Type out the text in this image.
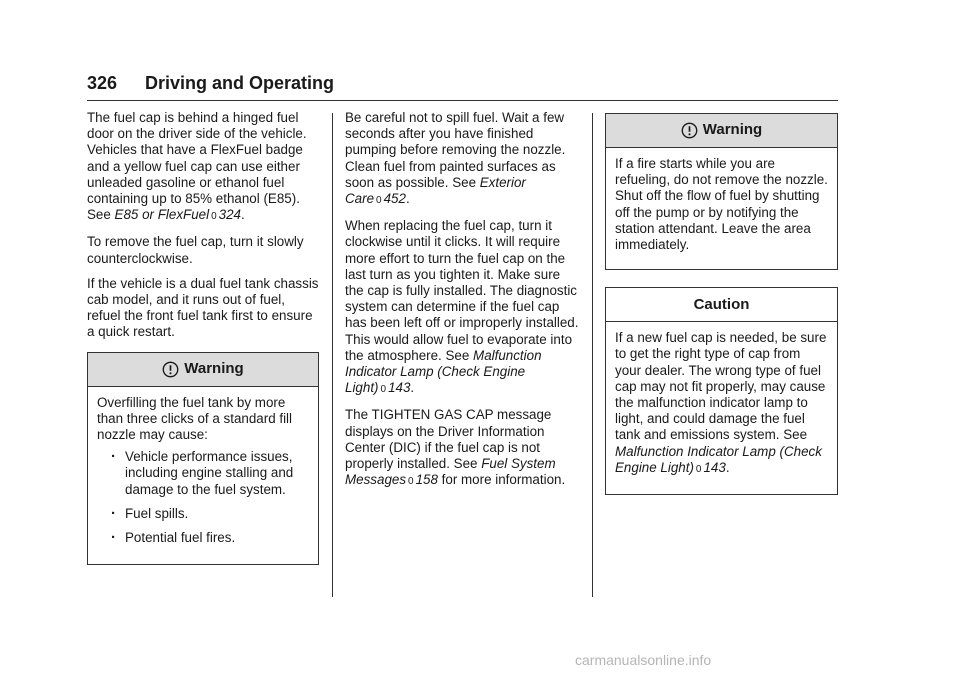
326 Driving and Operating

The fuel cap is behind a hinged fuel door on the driver side of the vehicle. Vehicles that have a FlexFuel badge and a yellow fuel cap can use either unleaded gasoline or ethanol fuel containing up to 85% ethanol (E85). See E85 or FlexFuel 0 324.

To remove the fuel cap, turn it slowly counterclockwise.

If the vehicle is a dual fuel tank chassis cab model, and it runs out of fuel, refuel the front fuel tank first to ensure a quick restart.

Warning

Overfilling the fuel tank by more than three clicks of a standard fill nozzle may cause:

. Vehicle performance issues, including engine stalling and damage to the fuel system.
. Fuel spills.
. Potential fuel fires.

Be careful not to spill fuel. Wait a few seconds after you have finished pumping before removing the nozzle. Clean fuel from painted surfaces as soon as possible. See Exterior Care 0 452.

When replacing the fuel cap, turn it clockwise until it clicks. It will require more effort to turn the fuel cap on the last turn as you tighten it. Make sure the cap is fully installed. The diagnostic system can determine if the fuel cap has been left off or improperly installed. This would allow fuel to evaporate into the atmosphere. See Malfunction Indicator Lamp (Check Engine Light) 0 143.

The TIGHTEN GAS CAP message displays on the Driver Information Center (DIC) if the fuel cap is not properly installed. See Fuel System Messages 0 158 for more information.

Warning

If a fire starts while you are refueling, do not remove the nozzle. Shut off the flow of fuel by shutting off the pump or by notifying the station attendant. Leave the area immediately.

Caution

If a new fuel cap is needed, be sure to get the right type of cap from your dealer. The wrong type of fuel cap may not fit properly, may cause the malfunction indicator lamp to light, and could damage the fuel tank and emissions system. See Malfunction Indicator Lamp (Check Engine Light) 0 143.

carmanualsonline.info
